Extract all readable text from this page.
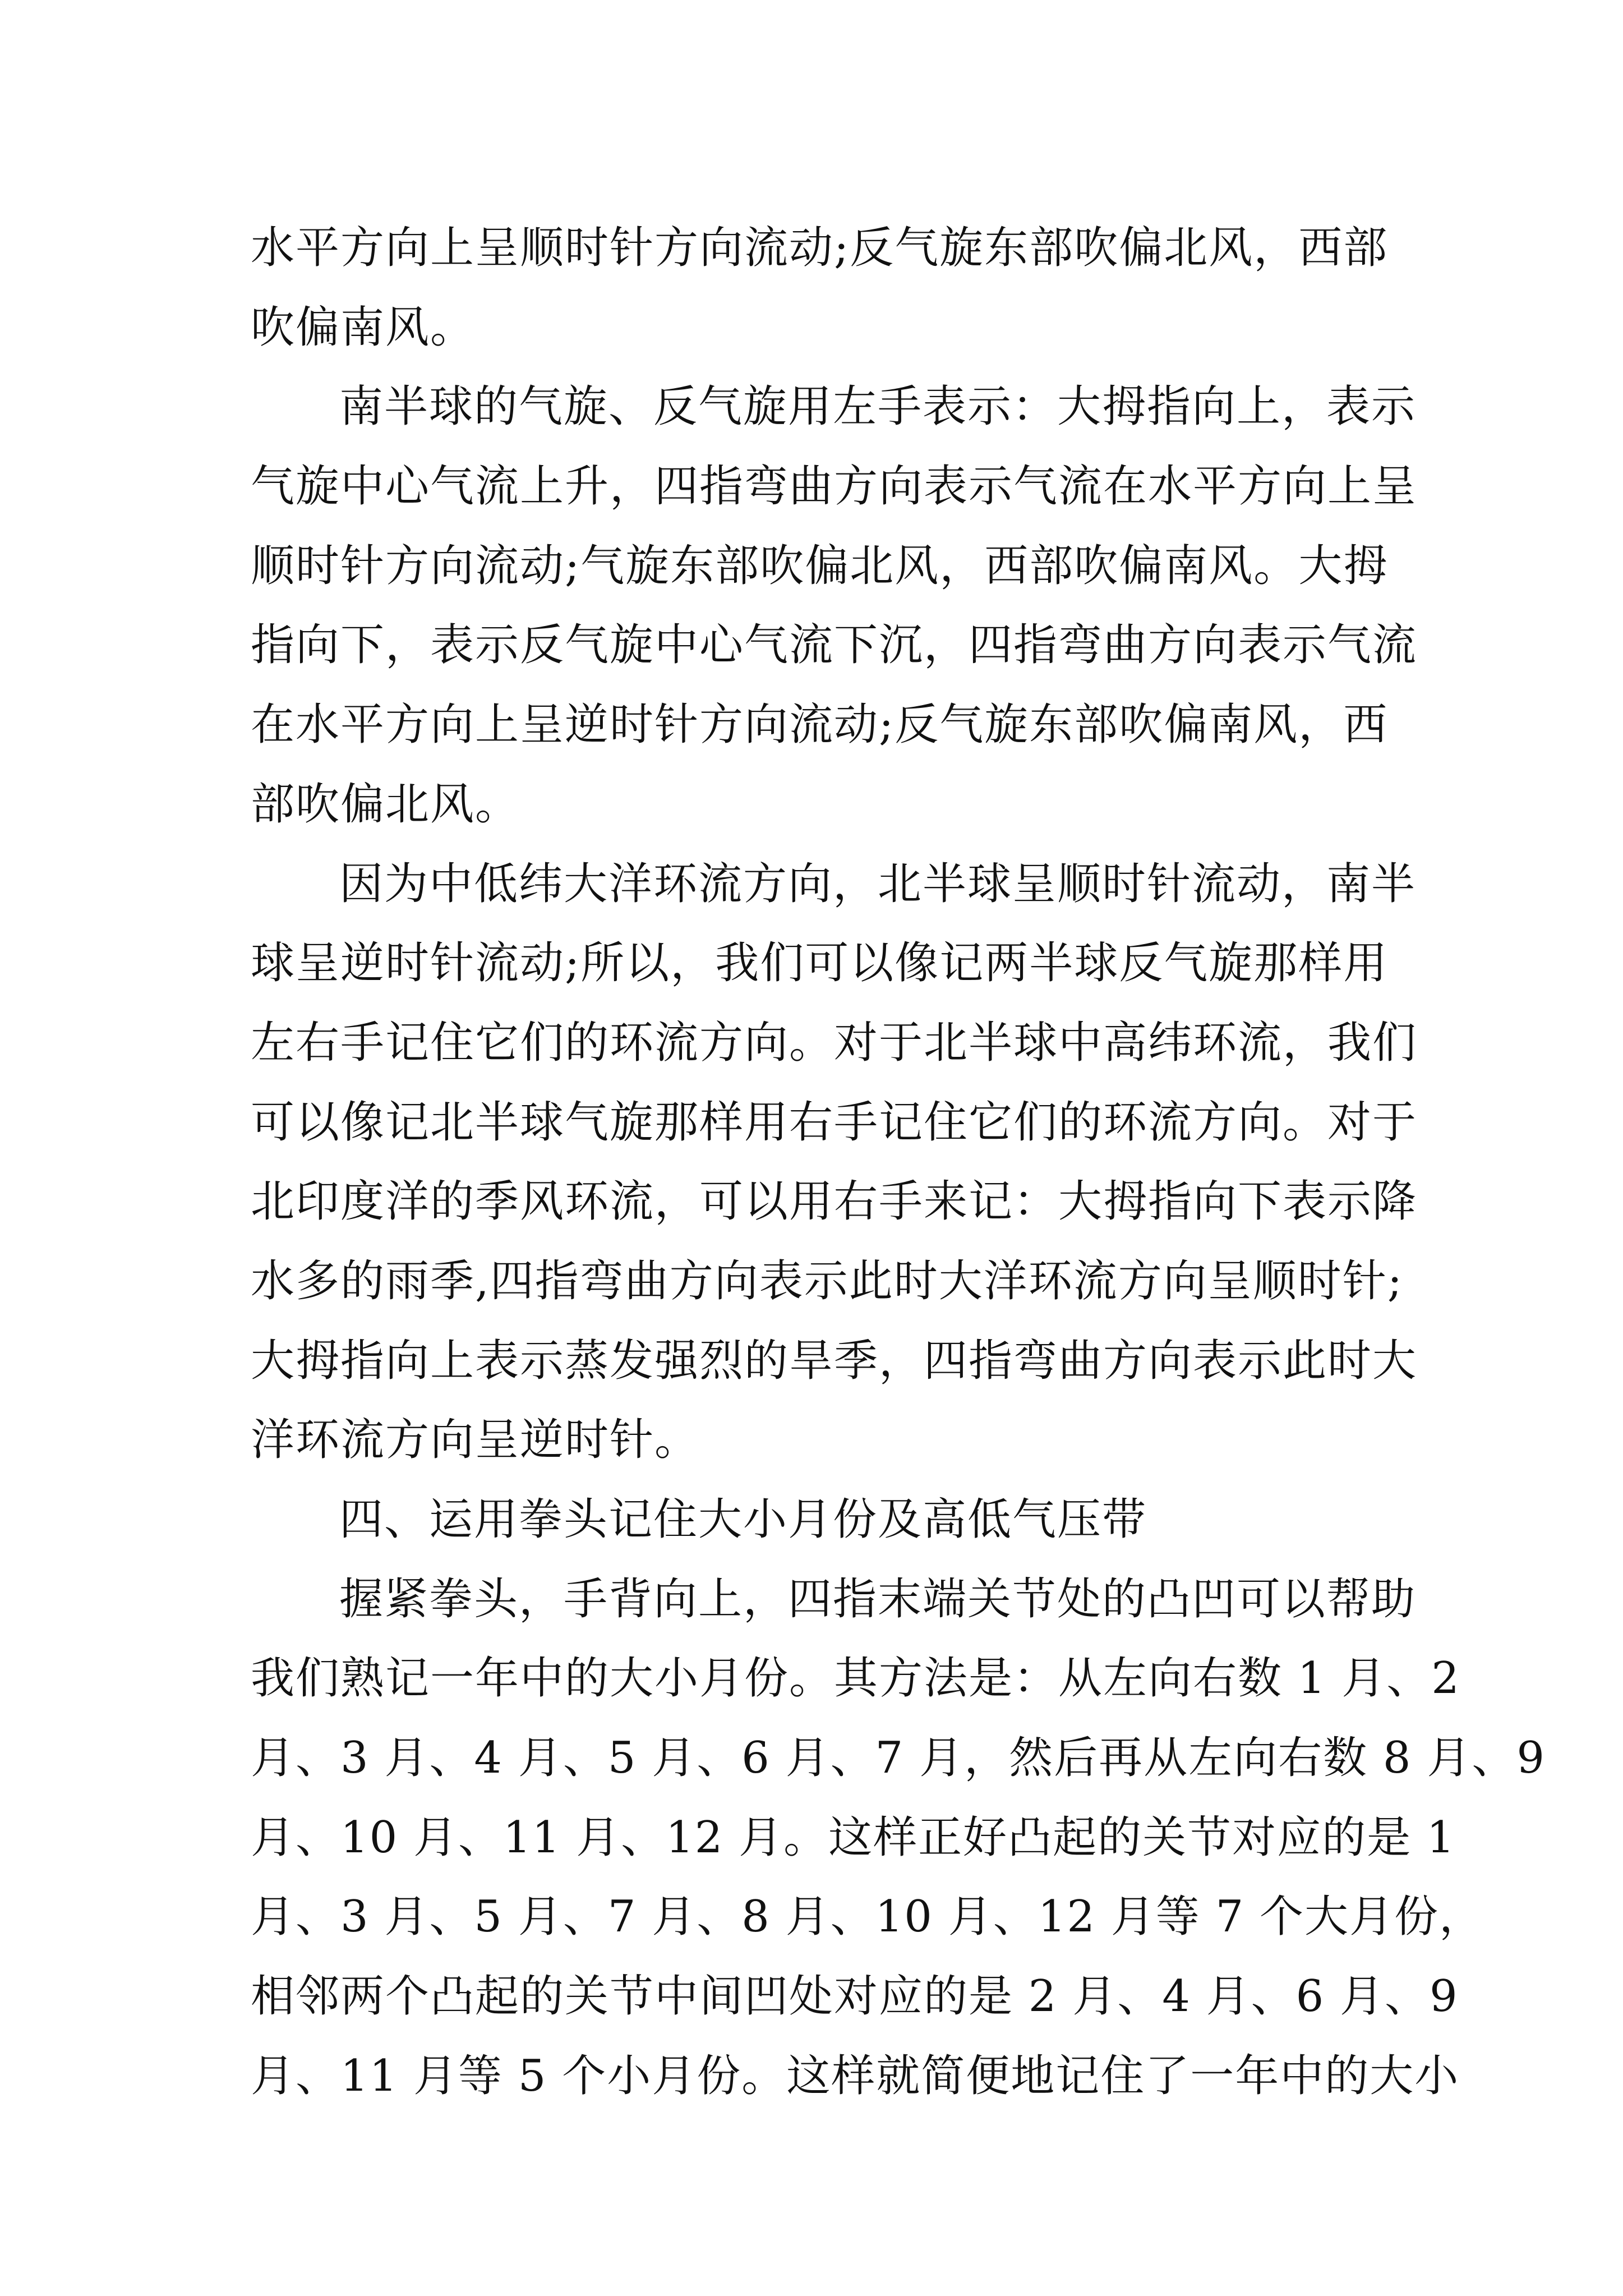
水平方向上呈顺时针方向流动;反气旋东部吹偏北风，西部
吹偏南风。
南半球的气旋、反气旋用左手表示：大拇指向上，表示
气旋中心气流上升，四指弯曲方向表示气流在水平方向上呈
顺时针方向流动;气旋东部吹偏北风，西部吹偏南风。大拇
指向下，表示反气旋中心气流下沉，四指弯曲方向表示气流
在水平方向上呈逆时针方向流动;反气旋东部吹偏南风，西
部吹偏北风。
因为中低纬大洋环流方向，北半球呈顺时针流动，南半
球呈逆时针流动;所以，我们可以像记两半球反气旋那样用
左右手记住它们的环流方向。对于北半球中高纬环流，我们
可以像记北半球气旋那样用右手记住它们的环流方向。对于
北印度洋的季风环流，可以用右手来记：大拇指向下表示降
水多的雨季,四指弯曲方向表示此时大洋环流方向呈顺时针;
大拇指向上表示蒸发强烈的旱季，四指弯曲方向表示此时大
洋环流方向呈逆时针。
四、运用拳头记住大小月份及高低气压带
握紧拳头，手背向上，四指末端关节处的凸凹可以帮助
我们熟记一年中的大小月份。其方法是：从左向右数 1 月、2
月、3 月、4 月、5 月、6 月、7 月，然后再从左向右数 8 月、9
月、10 月、11 月、12 月。这样正好凸起的关节对应的是 1
月、3 月、5 月、7 月、8 月、10 月、12 月等 7 个大月份，
相邻两个凸起的关节中间凹处对应的是 2 月、4 月、6 月、9
月、11 月等 5 个小月份。这样就简便地记住了一年中的大小
